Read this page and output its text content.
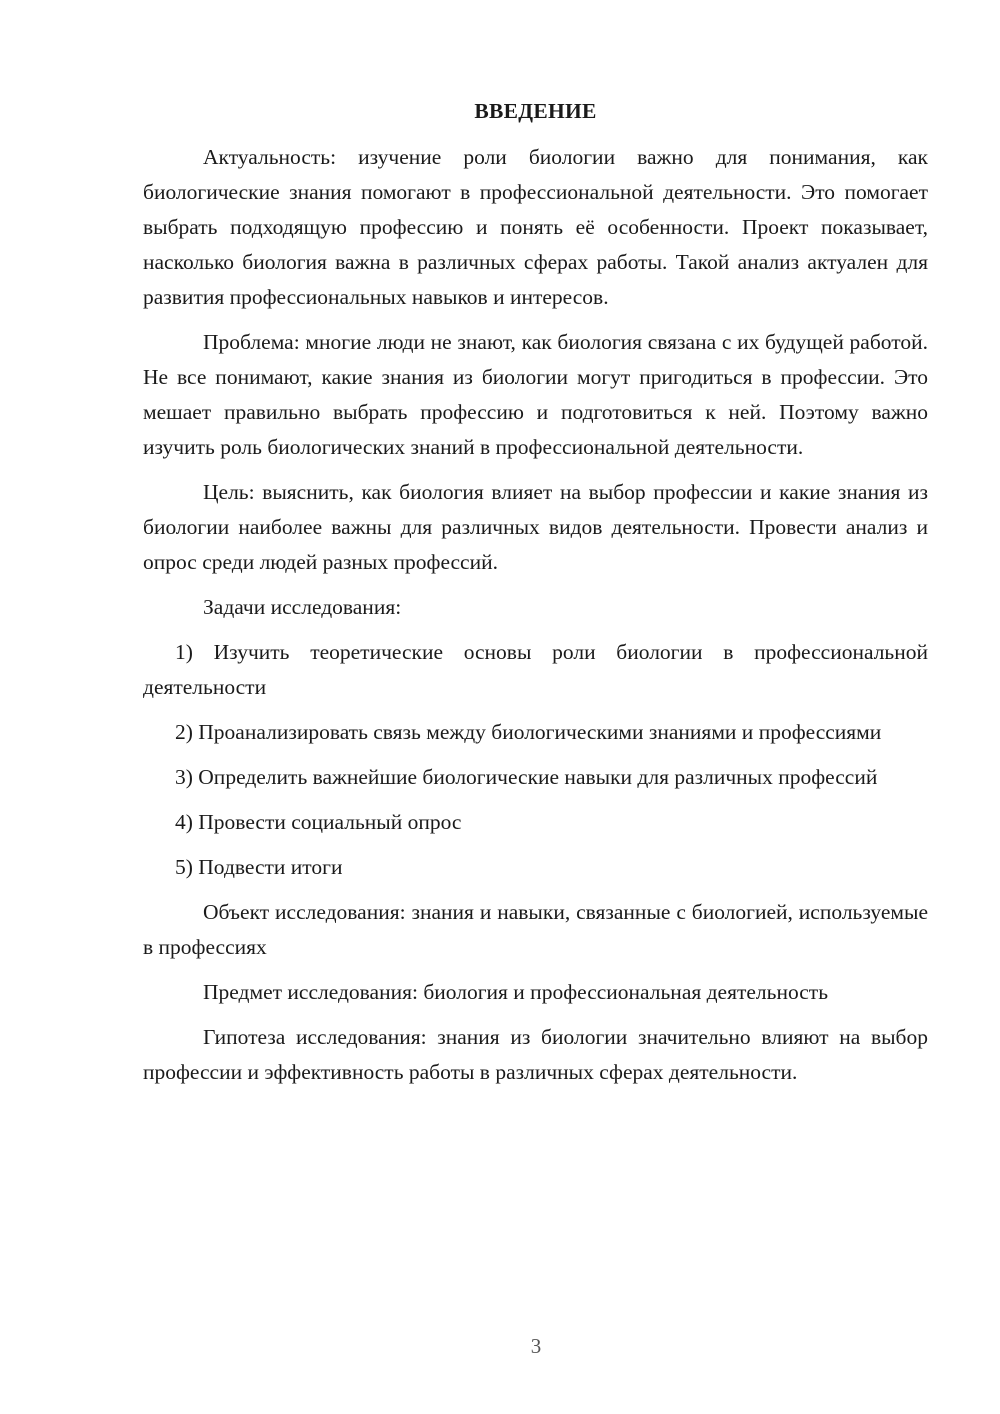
ВВЕДЕНИЕ

Актуальность: изучение роли биологии важно для понимания, как биологические знания помогают в профессиональной деятельности. Это помогает выбрать подходящую профессию и понять её особенности. Проект показывает, насколько биология важна в различных сферах работы. Такой анализ актуален для развития профессиональных навыков и интересов.

Проблема: многие люди не знают, как биология связана с их будущей работой. Не все понимают, какие знания из биологии могут пригодиться в профессии. Это мешает правильно выбрать профессию и подготовиться к ней. Поэтому важно изучить роль биологических знаний в профессиональной деятельности.

Цель: выяснить, как биология влияет на выбор профессии и какие знания из биологии наиболее важны для различных видов деятельности. Провести анализ и опрос среди людей разных профессий.

Задачи исследования:

1) Изучить теоретические основы роли биологии в профессиональной деятельности

2) Проанализировать связь между биологическими знаниями и профессиями

3) Определить важнейшие биологические навыки для различных профессий

4) Провести социальный опрос

5) Подвести итоги

Объект исследования: знания и навыки, связанные с биологией, используемые в профессиях

Предмет исследования: биология и профессиональная деятельность

Гипотеза исследования: знания из биологии значительно влияют на выбор профессии и эффективность работы в различных сферах деятельности.

3
